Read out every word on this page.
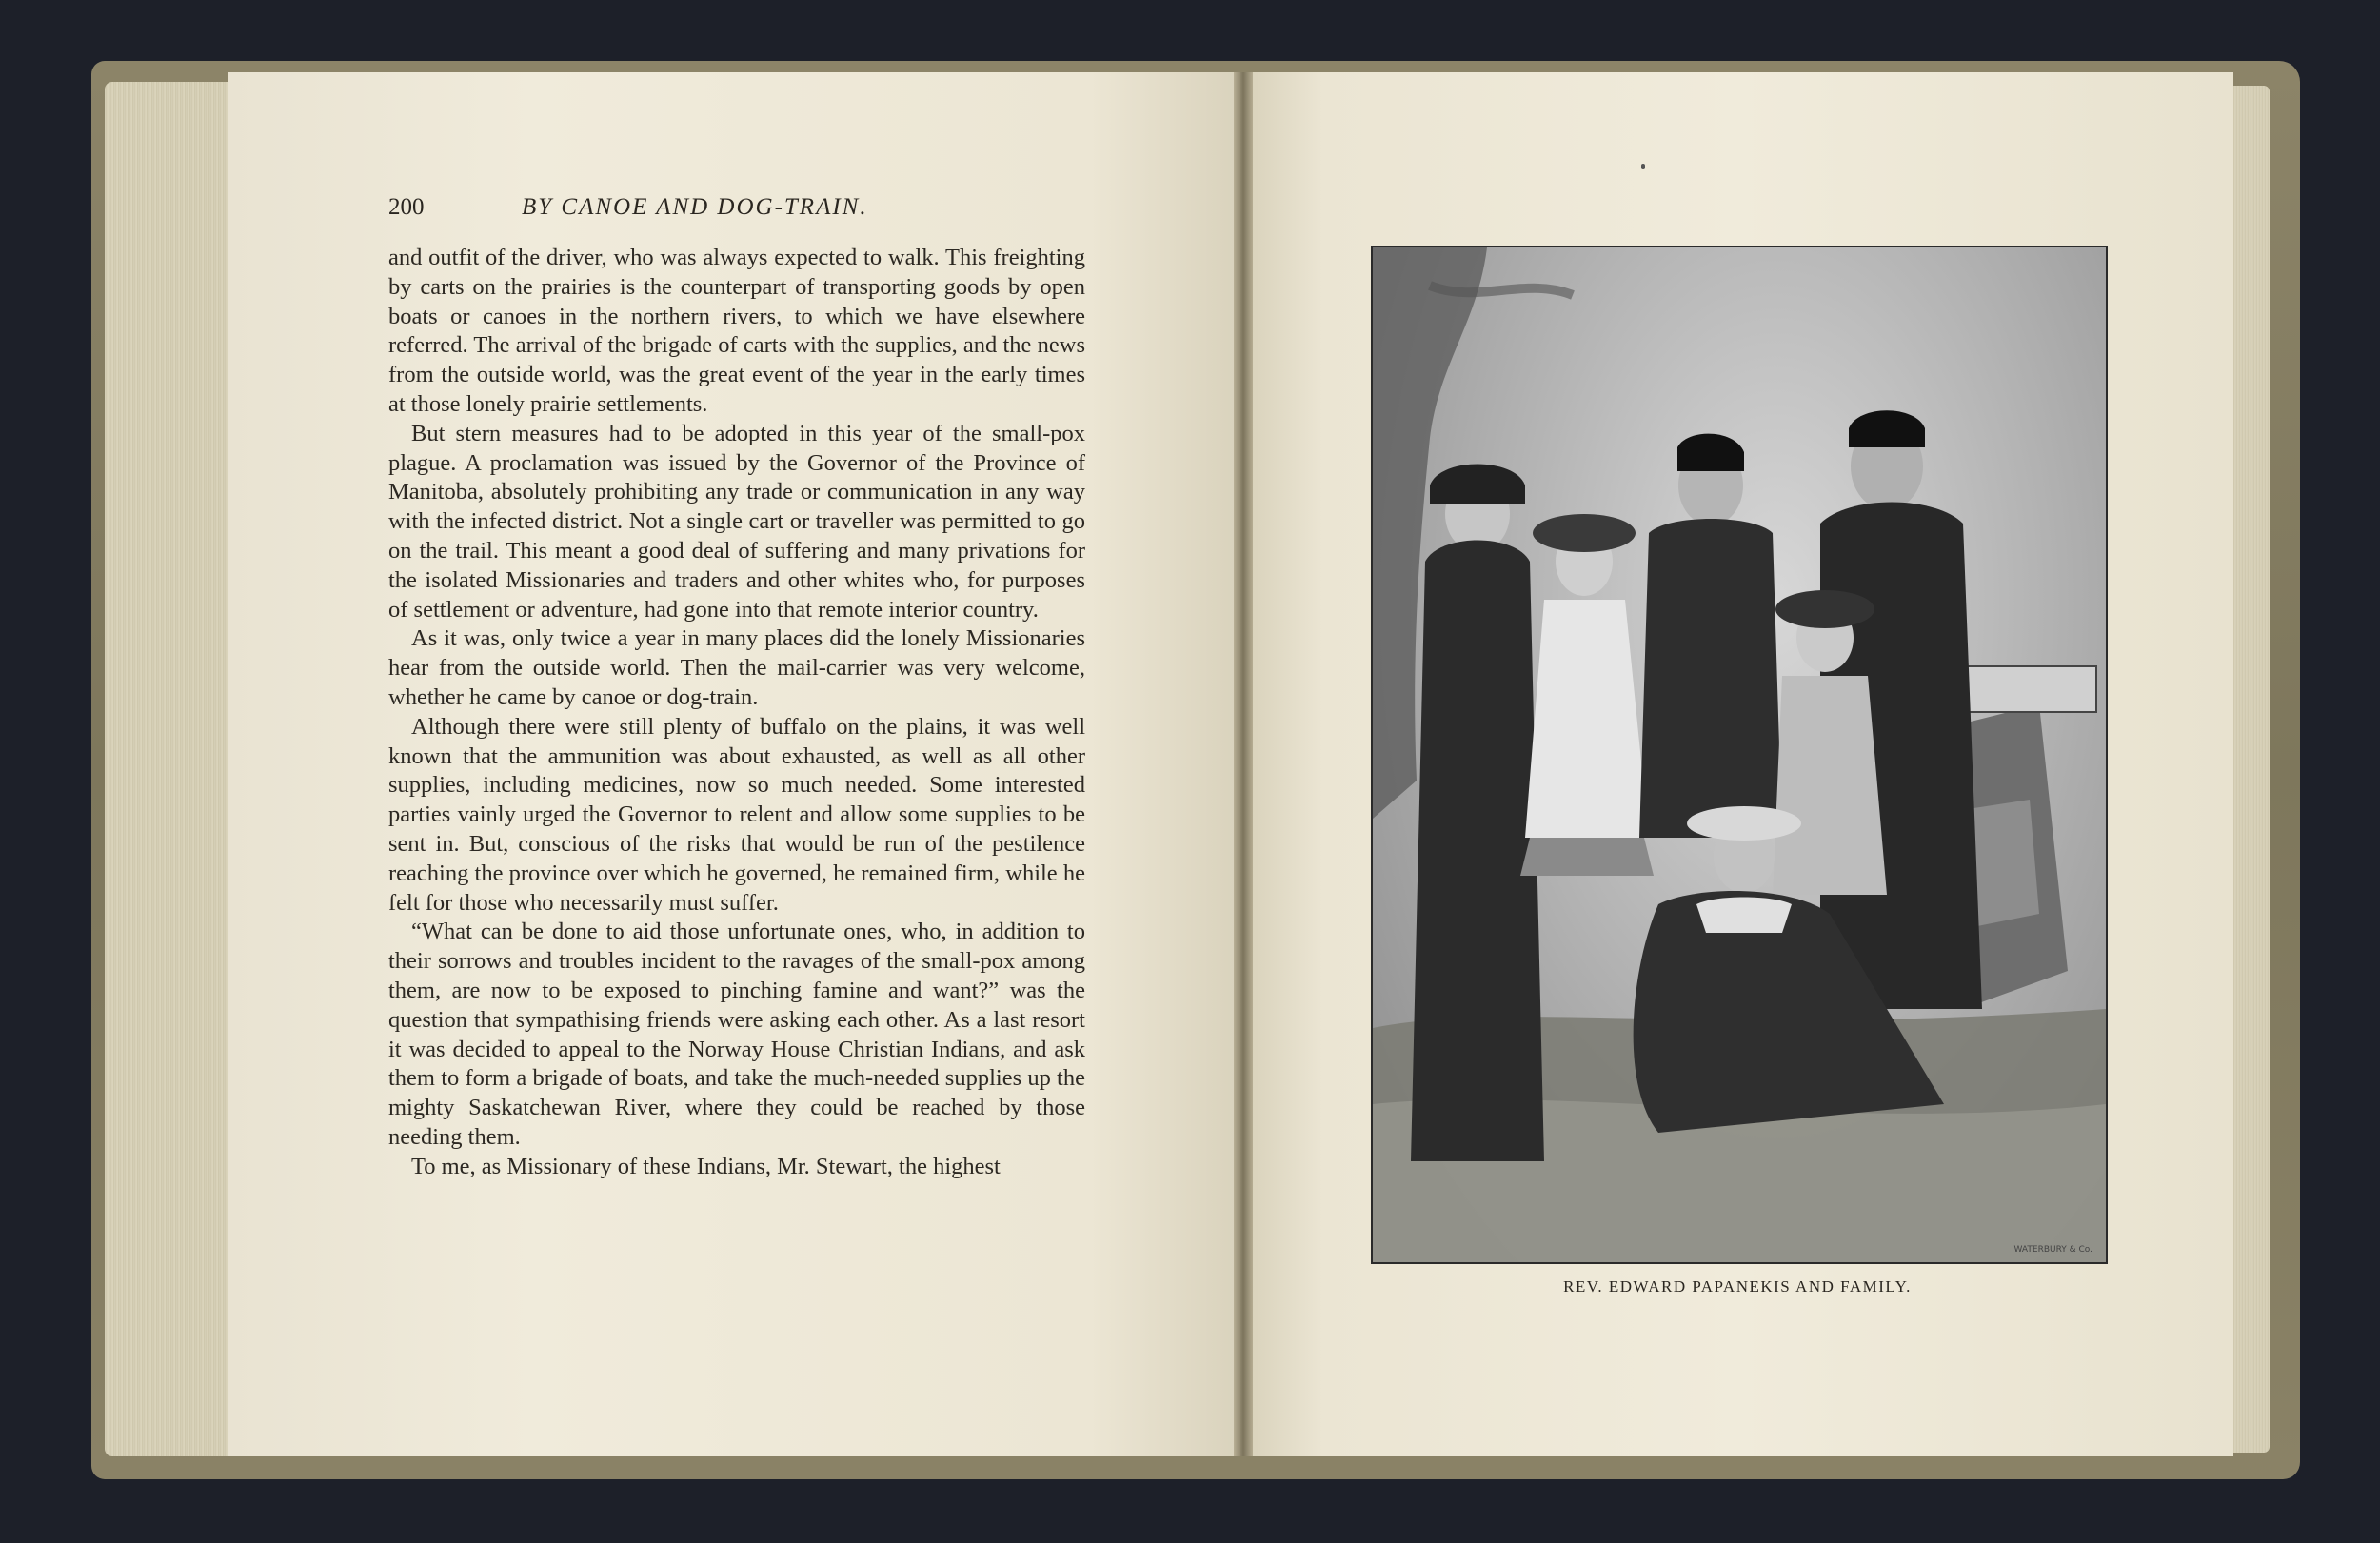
200	BY CANOE AND DOG-TRAIN.

and outfit of the driver, who was always expected to walk. This freighting by carts on the prairies is the counterpart of transporting goods by open boats or canoes in the northern rivers, to which we have elsewhere referred. The arrival of the brigade of carts with the supplies, and the news from the outside world, was the great event of the year in the early times at those lonely prairie settlements.

But stern measures had to be adopted in this year of the small-pox plague. A proclamation was issued by the Governor of the Province of Manitoba, absolutely prohibiting any trade or communication in any way with the infected district. Not a single cart or traveller was permitted to go on the trail. This meant a good deal of suffering and many privations for the isolated Missionaries and traders and other whites who, for purposes of settlement or adventure, had gone into that remote interior country.

As it was, only twice a year in many places did the lonely Missionaries hear from the outside world. Then the mail-carrier was very welcome, whether he came by canoe or dog-train.

Although there were still plenty of buffalo on the plains, it was well known that the ammunition was about exhausted, as well as all other supplies, including medicines, now so much needed. Some interested parties vainly urged the Governor to relent and allow some supplies to be sent in. But, conscious of the risks that would be run of the pestilence reaching the province over which he governed, he remained firm, while he felt for those who necessarily must suffer.

“What can be done to aid those unfortunate ones, who, in addition to their sorrows and troubles incident to the ravages of the small-pox among them, are now to be exposed to pinching famine and want?” was the question that sympathising friends were asking each other. As a last resort it was decided to appeal to the Norway House Christian Indians, and ask them to form a brigade of boats, and take the much-needed supplies up the mighty Saskatchewan River, where they could be reached by those needing them.

To me, as Missionary of these Indians, Mr. Stewart, the highest

WATERBURY & Co.
REV. EDWARD PAPANEKIS AND FAMILY.
